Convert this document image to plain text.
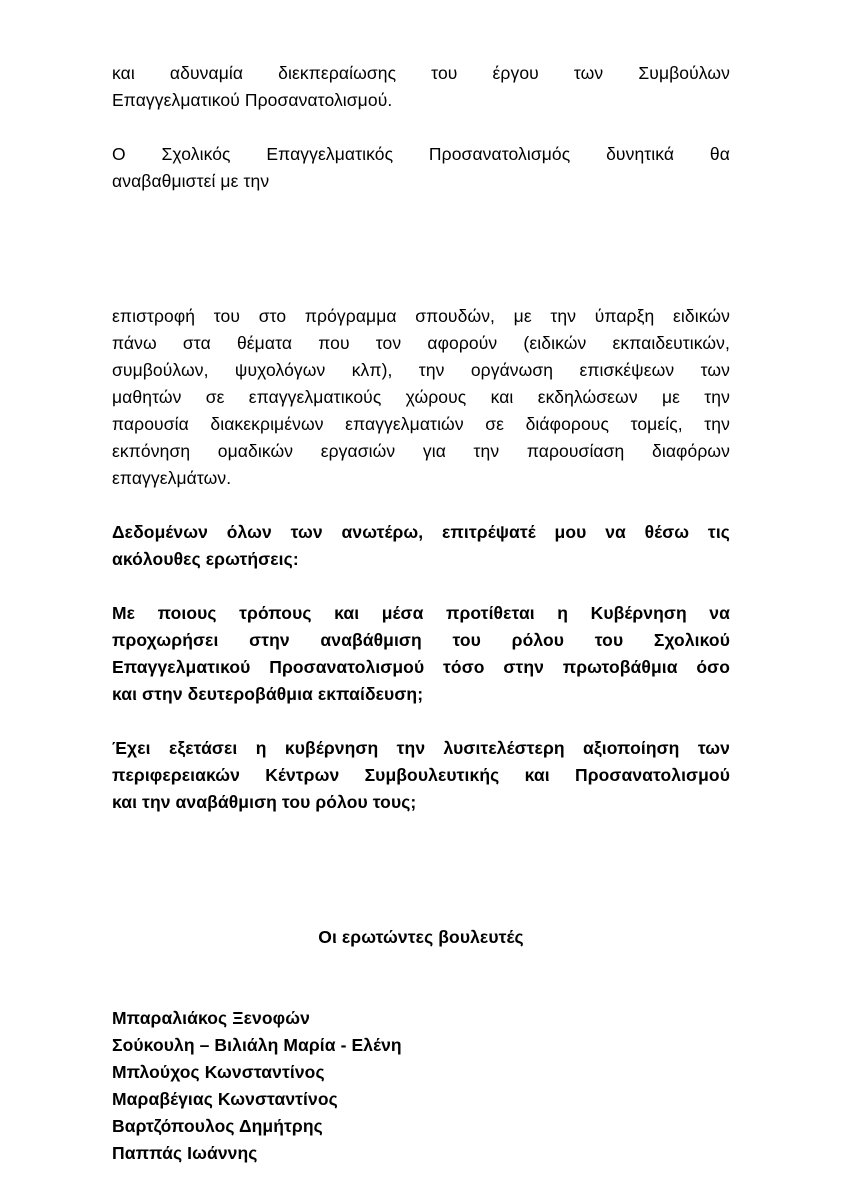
και αδυναμία διεκπεραίωσης του έργου των Συμβούλων
Επαγγελματικού Προσανατολισμού.
Ο Σχολικός Επαγγελματικός Προσανατολισμός δυνητικά θα
αναβαθμιστεί με την
επιστροφή του στο πρόγραμμα σπουδών, με την ύπαρξη ειδικών
πάνω στα θέματα που τον αφορούν (ειδικών εκπαιδευτικών,
συμβούλων, ψυχολόγων κλπ), την οργάνωση επισκέψεων των
μαθητών σε επαγγελματικούς χώρους και εκδηλώσεων με την
παρουσία διακεκριμένων επαγγελματιών σε διάφορους τομείς, την
εκπόνηση ομαδικών εργασιών για την παρουσίαση διαφόρων
επαγγελμάτων.
Δεδομένων όλων των ανωτέρω, επιτρέψατέ μου να θέσω τις
ακόλουθες ερωτήσεις:
Με ποιους τρόπους και μέσα προτίθεται η Κυβέρνηση να
προχωρήσει στην αναβάθμιση του ρόλου του Σχολικού
Επαγγελματικού Προσανατολισμού τόσο στην πρωτοβάθμια όσο
και στην δευτεροβάθμια εκπαίδευση;
Έχει εξετάσει η κυβέρνηση την λυσιτελέστερη αξιοποίηση των
περιφερειακών Κέντρων Συμβουλευτικής και Προσανατολισμού
και την αναβάθμιση του ρόλου τους;
Οι ερωτώντες βουλευτές
Μπαραλιάκος Ξενοφών
Σούκουλη – Βιλιάλη Μαρία - Ελένη
Μπλούχος Κωνσταντίνος
Μαραβέγιας Κωνσταντίνος
Βαρτζόπουλος Δημήτρης
Παππάς Ιωάννης
